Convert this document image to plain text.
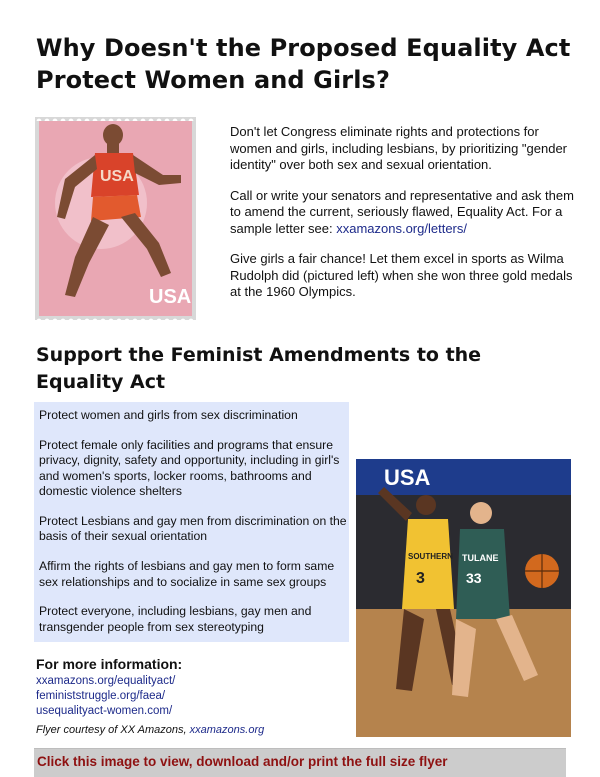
Why Doesn't the Proposed Equality Act
Protect Women and Girls?
USA
USA

Don't let Congress eliminate rights and protections for women and girls, including lesbians, by prioritizing "gender identity" over both sex and sexual orientation.

Call or write your senators and representative and ask them to amend the current, seriously flawed, Equality Act. For a sample letter see: xxamazons.org/letters/

Give girls a fair chance! Let them excel in sports as Wilma Rudolph did (pictured left) when she won three gold medals at the 1960 Olympics.

Support the Feminist Amendments to the
Equality Act
Protect women and girls from sex discrimination
Protect female only facilities and programs that ensure privacy, dignity, safety and opportunity, including in girl's and women's sports, locker rooms, bathrooms and domestic violence shelters
Protect Lesbians and gay men from discrimination on the basis of their sexual orientation
Affirm the rights of lesbians and gay men to form same sex relationships and to socialize in same sex groups
Protect everyone, including lesbians, gay men and transgender people from sex stereotyping
USA
3
SOUTHERN
33
TULANE
For more information:
xxamazons.org/equalityact/
feministstruggle.org/faea/
usequalityact-women.com/
Flyer courtesy of XX Amazons, xxamazons.org
Click this image to view, download and/or print the full size flyer
